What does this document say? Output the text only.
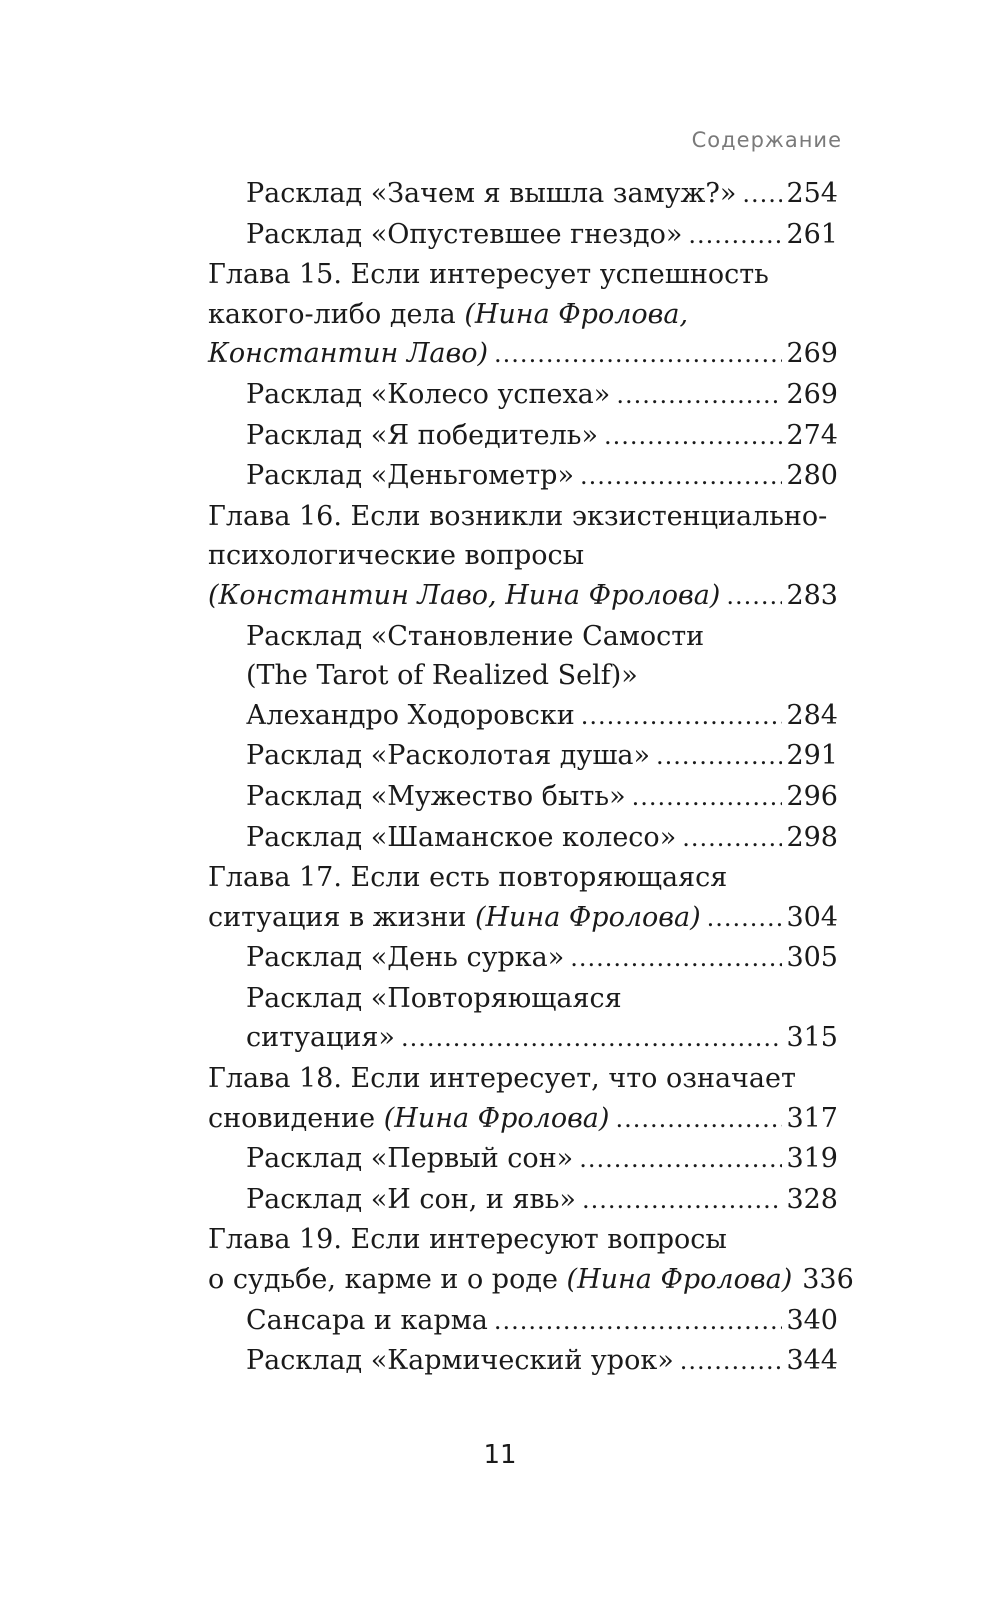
Содержание
Расклад «Зачем я вышла замуж?» ..... 254
Расклад «Опустевшее гнездо» .....	261
Глава 15. Если интересует успешность
какого-либо дела
(Нина Фролова,
Константин Лаво) .....	269
Расклад «Колесо успеха» .....	269
Расклад «Я победитель» .....	274
Расклад «Деньгометр» .....	280
Глава 16. Если возникли экзистенциально-
психологические вопросы
(Константин Лаво, Нина Фролова) ..... 283
Расклад «Становление Самости
(The Tarot of Realized Self)»
Алехандро Ходоровски .....	284
Расклад «Расколотая душа» .....	291
Расклад «Мужество быть» .....	296
Расклад «Шаманское колесо» .....	298
Глава 17. Если есть повторяющаяся
ситуация в жизни
(Нина Фролова) .....	304
Расклад «День сурка» .....	305
Расклад «Повторяющаяся
ситуация» .....	315
Глава 18. Если интересует, что означает
сновидение
(Нина Фролова) .....	317
Расклад «Первый сон» .....	319
Расклад «И сон, и явь» .....	328
Глава 19. Если интересуют вопросы
о судьбе, карме и о роде
(Нина Фролова) 336
Сансара и карма .....	340
Расклад «Кармический урок» .....	344
11
